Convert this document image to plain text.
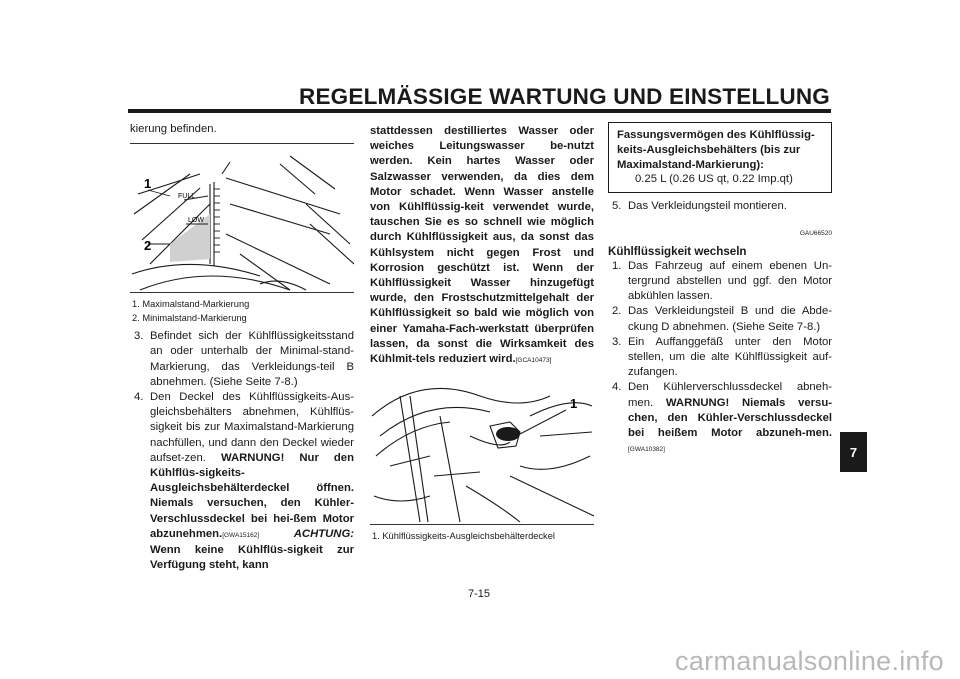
REGELMÄSSIGE WARTUNG UND EINSTELLUNG
kierung befinden.
FULL
LOW
1
2
1. Maximalstand-Markierung
2. Minimalstand-Markierung
3. Befindet sich der Kühlflüssigkeitsstand an oder unterhalb der Minimal-stand-Markierung, das Verkleidungs-teil B abnehmen. (Siehe Seite 7-8.)
4. Den Deckel des Kühlflüssigkeits-Aus-gleichsbehälters abnehmen, Kühlflüs-sigkeit bis zur Maximalstand-Markierung nachfüllen, und dann den Deckel wieder aufset-zen. WARNUNG! Nur den Kühlflüs-sigkeits-Ausgleichsbehälterdeckel öffnen. Niemals versuchen, den Kühler-Verschlussdeckel bei hei-ßem Motor abzunehmen.[GWA15162]	ACHTUNG: Wenn keine Kühlflüs-sigkeit zur Verfügung steht, kann
stattdessen destilliertes Wasser oder weiches Leitungswasser be-nutzt werden. Kein hartes Wasser oder Salzwasser verwenden, da dies dem Motor schadet. Wenn Wasser anstelle von Kühlflüssig-keit verwendet wurde, tauschen Sie es so schnell wie möglich durch Kühlflüssigkeit aus, da sonst das Kühlsystem nicht gegen Frost und Korrosion geschützt ist. Wenn der Kühlflüssigkeit Wasser hinzugefügt wurde, den Frostschutzmittelgehalt der Kühlflüssigkeit so bald wie möglich von einer Yamaha-Fach-werkstatt überprüfen lassen, da sonst die Wirksamkeit des Kühlmit-tels reduziert wird.[GCA10473]
1
1. Kühlflüssigkeits-Ausgleichsbehälterdeckel
Fassungsvermögen des Kühlflüssig-keits-Ausgleichsbehälters (bis zur Maximalstand-Markierung):
0.25 L (0.26 US qt, 0.22 Imp.qt)
5. Das Verkleidungsteil montieren.
GAU66520
Kühlflüssigkeit wechseln
1. Das Fahrzeug auf einem ebenen Un-tergrund abstellen und ggf. den Motor abkühlen lassen.
2. Das Verkleidungsteil B und die Abde-ckung D abnehmen. (Siehe Seite 7-8.)
3. Ein Auffanggefäß unter den Motor stellen, um die alte Kühlflüssigkeit auf-zufangen.
4. Den Kühlerverschlussdeckel abneh-men. WARNUNG! Niemals versu-chen, den Kühler-Verschlussdeckel bei heißem Motor abzuneh-men.[GWA10382]
7-15
7
carmanualsonline.info
